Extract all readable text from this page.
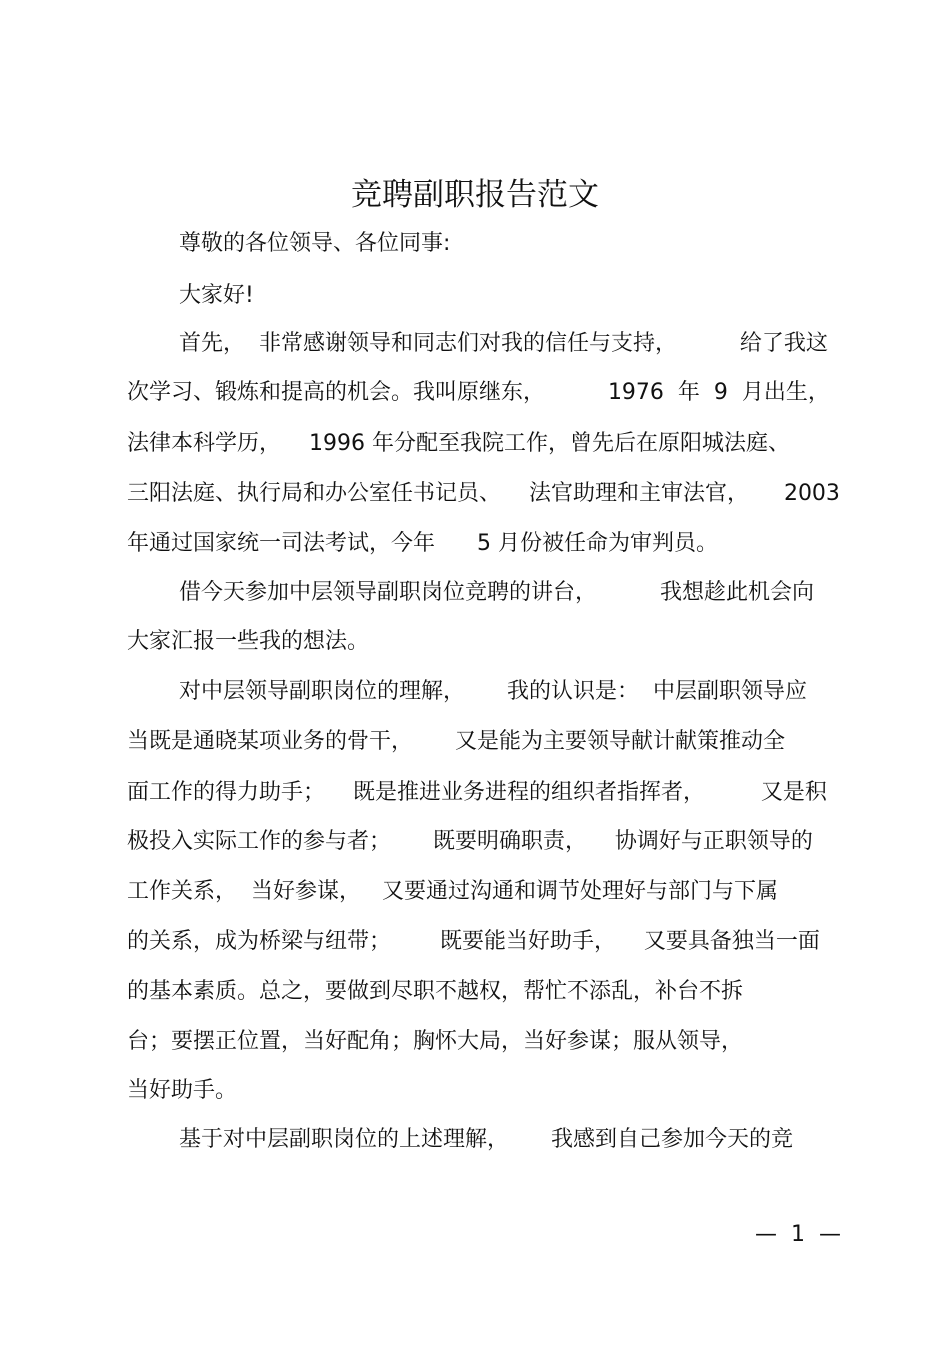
竞聘副职报告范文
尊敬的各位领导、各位同事:
大家好!
首先，  非常感谢领导和同志们对我的信任与支持，         给了我这
次学习、锻炼和提高的机会。我叫原继东，         1976  年  9  月出生，
法律本科学历，    1996 年分配至我院工作，曾先后在原阳城法庭、
三阳法庭、执行局和办公室任书记员、    法官助理和主审法官，     2003
年通过国家统一司法考试，今年      5 月份被任命为审判员。
借今天参加中层领导副职岗位竞聘的讲台，         我想趁此机会向
大家汇报一些我的想法。
对中层领导副职岗位的理解，      我的认识是：  中层副职领导应
当既是通晓某项业务的骨干，      又是能为主要领导献计献策推动全
面工作的得力助手；    既是推进业务进程的组织者指挥者，        又是积
极投入实际工作的参与者；      既要明确职责，    协调好与正职领导的
工作关系，  当好参谋，   又要通过沟通和调节处理好与部门与下属
的关系，成为桥梁与纽带；       既要能当好助手，    又要具备独当一面
的基本素质。总之，要做到尽职不越权，帮忙不添乱，补台不拆
台；要摆正位置，当好配角；胸怀大局，当好参谋；服从领导，
当好助手。
基于对中层副职岗位的上述理解，      我感到自己参加今天的竞
—  1  —
